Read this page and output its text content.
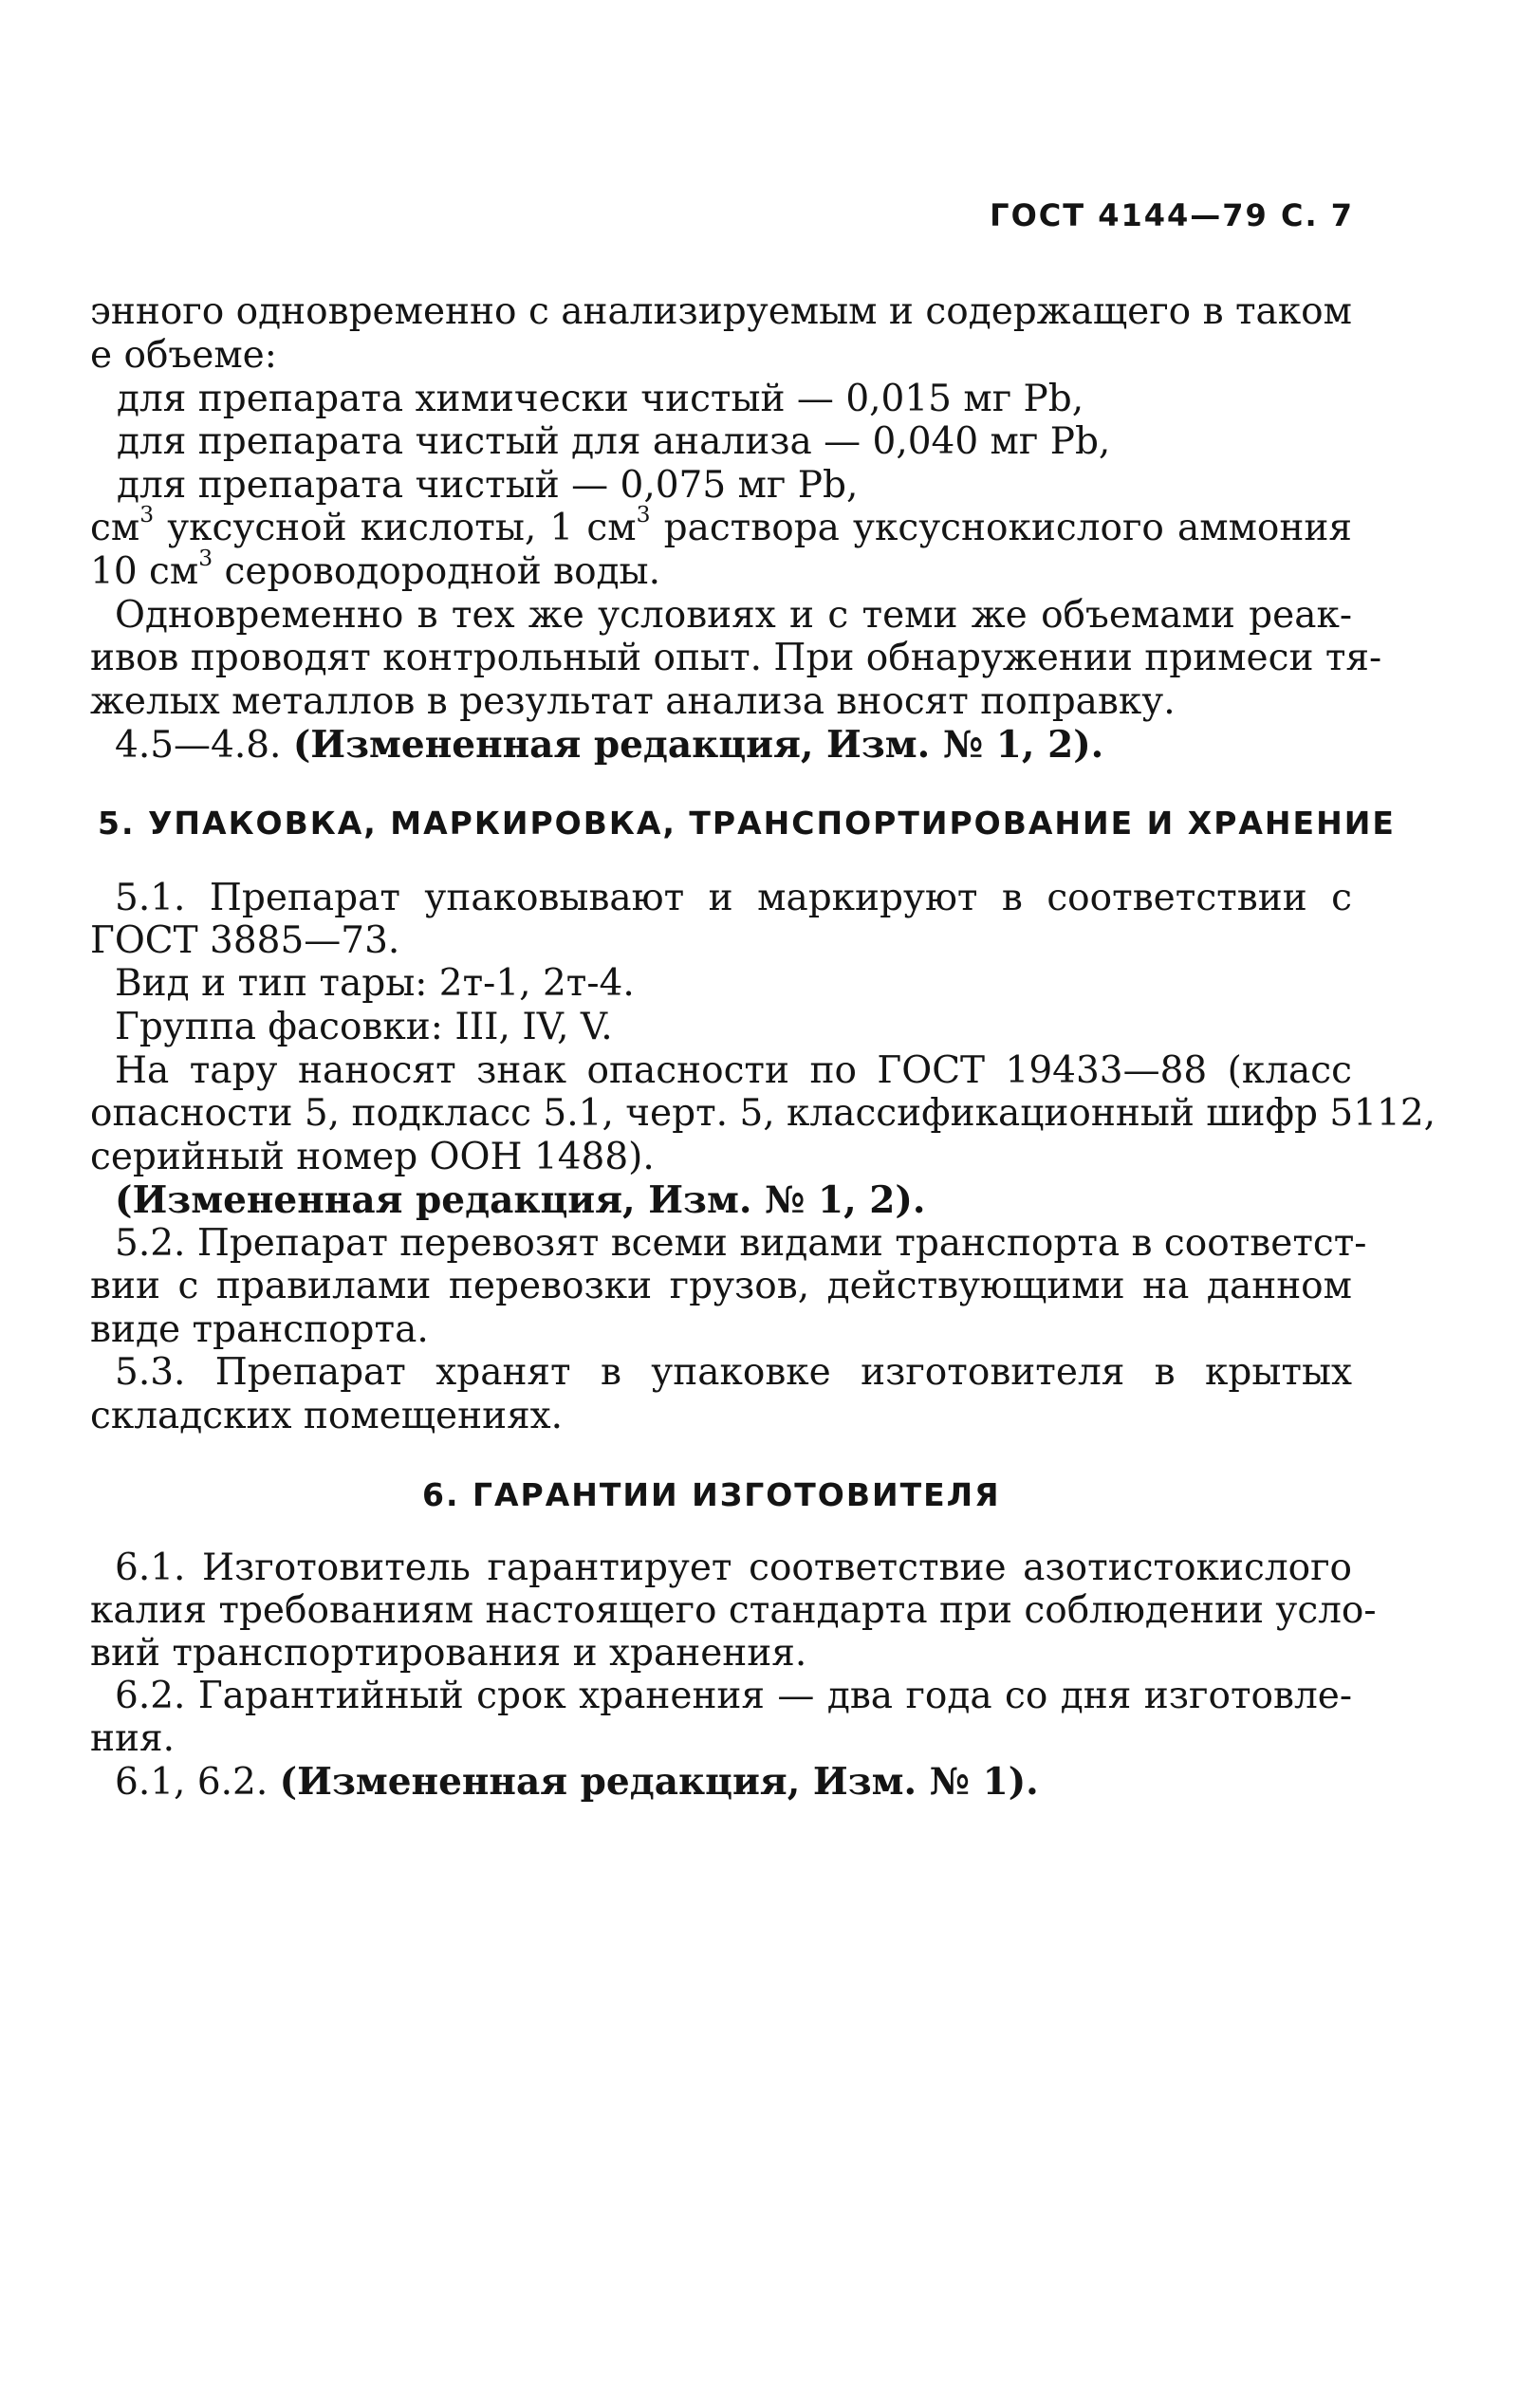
ГОСТ 4144—79 С. 7
энного одновременно с анализируемым и содержащего в таком
е объеме:
для препарата химически чистый — 0,015 мг Pb,
для препарата чистый для анализа — 0,040 мг Pb,
для препарата чистый — 0,075 мг Pb,
$см^3$ уксусной кислоты, 1 $см^3$ раствора уксуснокислого аммония
10 $см^3$ сероводородной воды.
Одновременно в тех же условиях и с теми же объемами реак-
ивов проводят контрольный опыт. При обнаружении примеси тя-
желых металлов в результат анализа вносят поправку.
4.5—4.8. (Измененная редакция, Изм. № 1, 2).
5. УПАКОВКА, МАРКИРОВКА, ТРАНСПОРТИРОВАНИЕ И ХРАНЕНИЕ
5.1. Препарат упаковывают и маркируют в соответствии с
ГОСТ 3885—73.
Вид и тип тары: 2т-1, 2т-4.
Группа фасовки: III, IV, V.
На тару наносят знак опасности по ГОСТ 19433—88 (класс
опасности 5, подкласс 5.1, черт. 5, классификационный шифр 5112,
серийный номер ООН 1488).
(Измененная редакция, Изм. № 1, 2).
5.2. Препарат перевозят всеми видами транспорта в соответст-
вии с правилами перевозки грузов, действующими на данном
виде транспорта.
5.3. Препарат хранят в упаковке изготовителя в крытых
складских помещениях.
6. ГАРАНТИИ ИЗГОТОВИТЕЛЯ
6.1. Изготовитель гарантирует соответствие азотистокислого
калия требованиям настоящего стандарта при соблюдении усло-
вий транспортирования и хранения.
6.2. Гарантийный срок хранения — два года со дня изготовле-
ния.
6.1, 6.2. (Измененная редакция, Изм. № 1).
